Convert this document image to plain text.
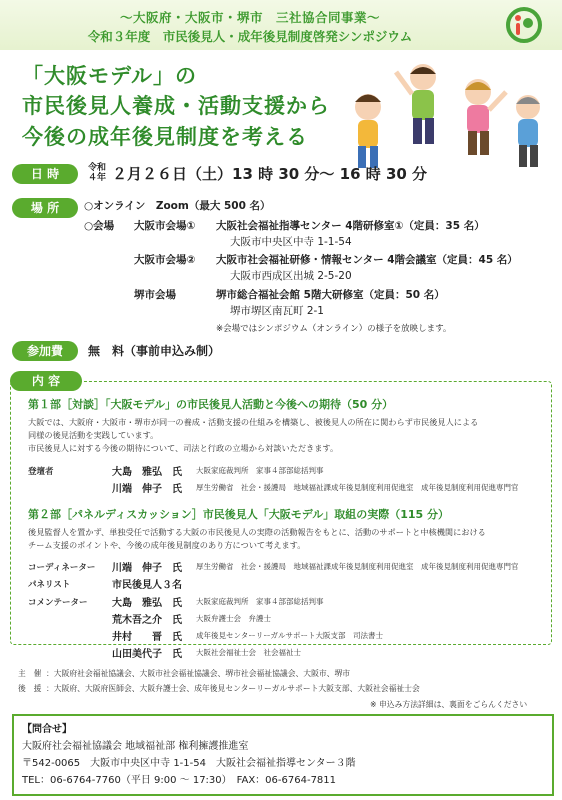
～大阪府・大阪市・堺市　三社協合同事業～
令和３年度　市民後見人・成年後見制度啓発シンポジウム
「大阪モデル」の
市民後見人養成・活動支援から
今後の成年後見制度を考える
日 時	令和
４年 ２月２６日（土）13 時 30 分～ 16 時 30 分
場 所	○オンライン　Zoom（最大 500 名）
○会場 大阪市会場① 大阪社会福祉指導センター 4階研修室①（定員：35 名）
大阪市中央区中寺 1-1-54
大阪市会場② 大阪市社会福祉研修・情報センター 4階会議室（定員：45 名）
大阪市西成区出城 2-5-20
堺市会場	堺市総合福祉会館 5階大研修室（定員：50 名）
堺市堺区南瓦町 2-1
※会場ではシンポジウム（オンライン）の様子を放映します。
参加費	無　料（事前申込み制）
内 容
第１部［対談］「大阪モデル」の市民後見人活動と今後への期待（50 分）
大阪では、大阪府・大阪市・堺市が同一の養成・活動支援の仕組みを構築し、被後見人の所在に関わらず市民後見人による
同様の後見活動を実践しています。
市民後見人に対する今後の期待について、司法と行政の立場から対談いただきます。
登壇者	大島　雅弘　氏 大阪家庭裁判所　家事４部部総括判事
川端　伸子　氏 厚生労働省　社会・援護局　地域福祉課成年後見制度利用促進室　成年後見制度利用促進専門官
第２部［パネルディスカッション］市民後見人「大阪モデル」取組の実際（115 分）
後見監督人を置かず、単独受任で活動する大阪の市民後見人の実際の活動報告をもとに、活動のサポートと中核機関における
チーム支援のポイントや、今後の成年後見制度のあり方について考えます。
コーディネーター 川端　伸子　氏 厚生労働省　社会・援護局　地域福祉課成年後見制度利用促進室　成年後見制度利用促進専門官
パネリスト	市民後見人３名
コメンテーター 大島　雅弘　氏 大阪家庭裁判所　家事４部部総括判事
荒木吾之介　氏 大阪弁護士会　弁護士
井村　　晋　氏 成年後見センターリーガルサポート大阪支部　司法書士
山田美代子　氏 大阪社会福祉士会　社会福祉士
主　催 ：大阪府社会福祉協議会、大阪市社会福祉協議会、堺市社会福祉協議会、大阪市、堺市
後　援 ：大阪府、大阪府医師会、大阪弁護士会、成年後見センターリーガルサポート大阪支部、大阪社会福祉士会
※ 申込み方法詳細は、裏面をごらんください
【問合せ】
大阪府社会福祉協議会 地域福祉部 権利擁護推進室
〒542-0065　大阪市中央区中寺 1-1-54　大阪社会福祉指導センター３階
TEL：06-6764-7760（平日 9:00 ～ 17:30）　FAX：06-6764-7811
